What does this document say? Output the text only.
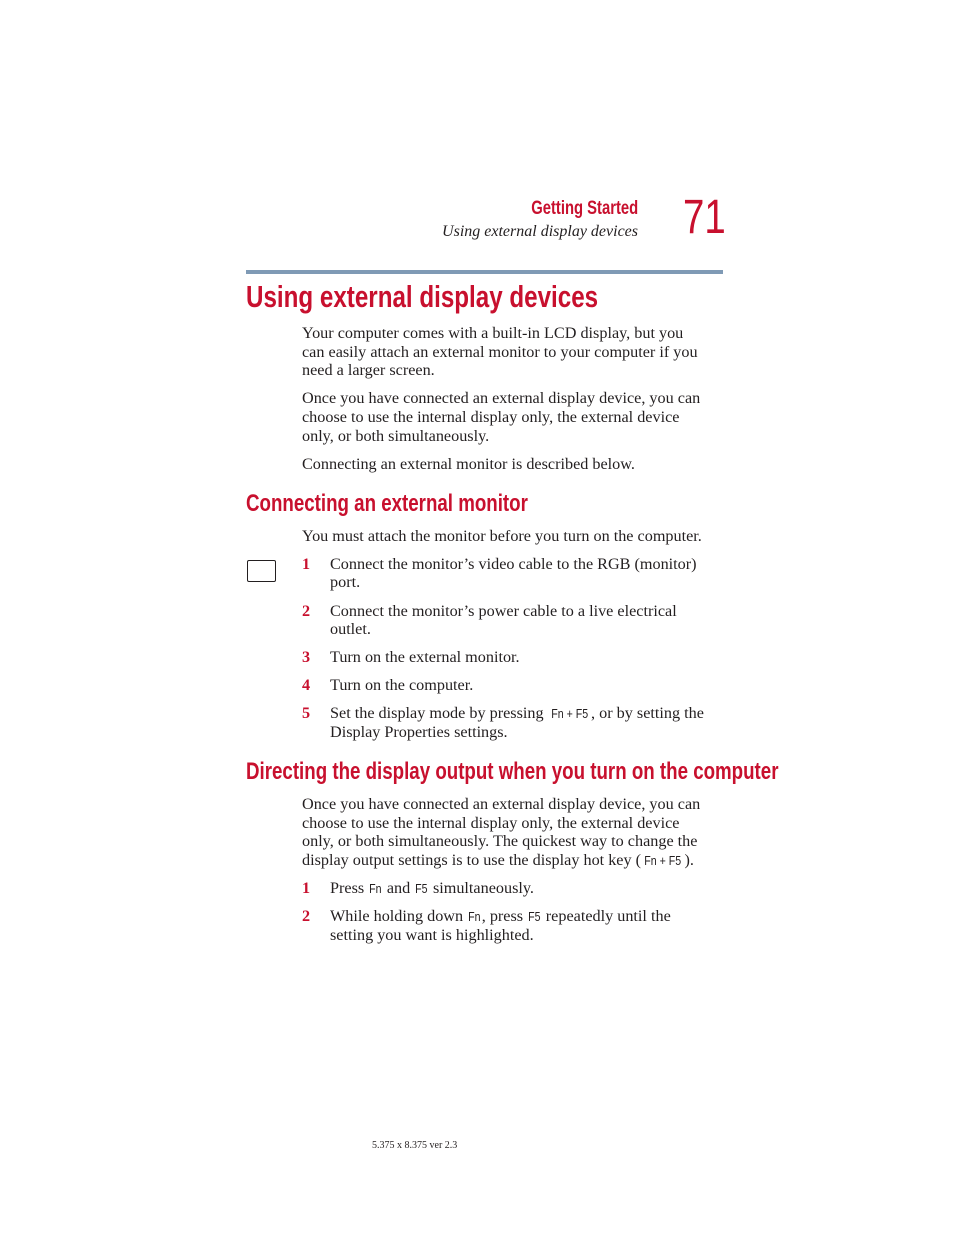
Getting Started
Using external display devices 71
Using external display devices
Your computer comes with a built-in LCD display, but you
can easily attach an external monitor to your computer if you
need a larger screen.
Once you have connected an external display device, you can
choose to use the internal display only, the external device
only, or both simultaneously.
Connecting an external monitor is described below.
Connecting an external monitor
You must attach the monitor before you turn on the computer.
1 Connect the monitor’s video cable to the RGB (monitor)
port.
2 Connect the monitor’s power cable to a live electrical
outlet.
3 Turn on the external monitor.
4 Turn on the computer.
5 Set the display mode by pressing Fn + F5 , or by setting the
Display Properties settings.
Directing the display output when you turn on the computer
Once you have connected an external display device, you can
choose to use the internal display only, the external device
only, or both simultaneously. The quickest way to change the
display output settings is to use the display hot key ( Fn + F5 ).
1 Press Fn and F5 simultaneously.
2 While holding down Fn, press F5 repeatedly until the
setting you want is highlighted.
5.375 x 8.375 ver 2.3
